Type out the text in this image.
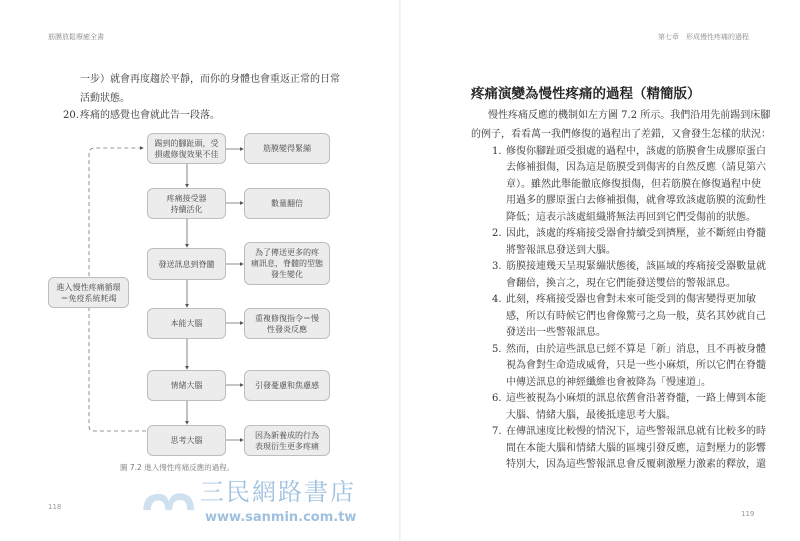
三民網路書店
www.sanmin.com.tw
筋膜放鬆療癒全書
一步）就會再度趨於平靜，而你的身體也會重返正常的日常
活動狀態。
20. 疼痛的感覺也會就此告一段落。
踢到的腳趾頭，受
損處修復效果不佳
疼痛接受器
持續活化
發送訊息到脊髓
本能大腦
情緒大腦
思考大腦
筋膜變得緊繃
數量翻倍
為了傳送更多的疼
痛訊息，脊髓的型態
發生變化
重複修復指令＝慢
性發炎反應
引發憂慮和焦慮感
因為新養成的行為
表現衍生更多疼痛
進入慢性疼痛循環
＝免疫系統耗竭
圖 7.2 進入慢性疼痛反應的過程。
118
第七章　形成慢性疼痛的過程
疼痛演變為慢性疼痛的過程（精簡版）
慢性疼痛反應的機制如左方圖 7.2 所示。我們沿用先前踢到床腳
的例子，看看萬一我們修復的過程出了差錯，又會發生怎樣的狀況：
1. 修復你腳趾頭受損處的過程中，該處的筋膜會生成膠原蛋白
去修補損傷，因為這是筋膜受到傷害的自然反應（請見第六
章）。雖然此舉能徹底修復損傷，但若筋膜在修復過程中使
用過多的膠原蛋白去修補損傷，就會導致該處筋膜的流動性
降低；這表示該處組織將無法再回到它們受傷前的狀態。
2. 因此，該處的疼痛接受器會持續受到擠壓，並不斷經由脊髓
將警報訊息發送到大腦。
3. 筋膜接連幾天呈現緊繃狀態後，該區域的疼痛接受器數量就
會翻倍，換言之，現在它們能發送雙倍的警報訊息。
4. 此刻，疼痛接受器也會對未來可能受到的傷害變得更加敏
感，所以有時候它們也會像驚弓之鳥一般，莫名其妙就自己
發送出一些警報訊息。
5. 然而，由於這些訊息已經不算是「新」消息，且不再被身體
視為會對生命造成威脅，只是一些小麻煩，所以它們在脊髓
中傳送訊息的神經纖維也會被降為「慢速道」。
6. 這些被視為小麻煩的訊息依舊會沿著脊髓，一路上傳到本能
大腦、情緒大腦，最後抵達思考大腦。
7. 在傳訊速度比較慢的情況下，這些警報訊息就有比較多的時
間在本能大腦和情緒大腦的區塊引發反應，這對壓力的影響
特別大，因為這些警報訊息會反覆刺激壓力激素的釋放，還
119
